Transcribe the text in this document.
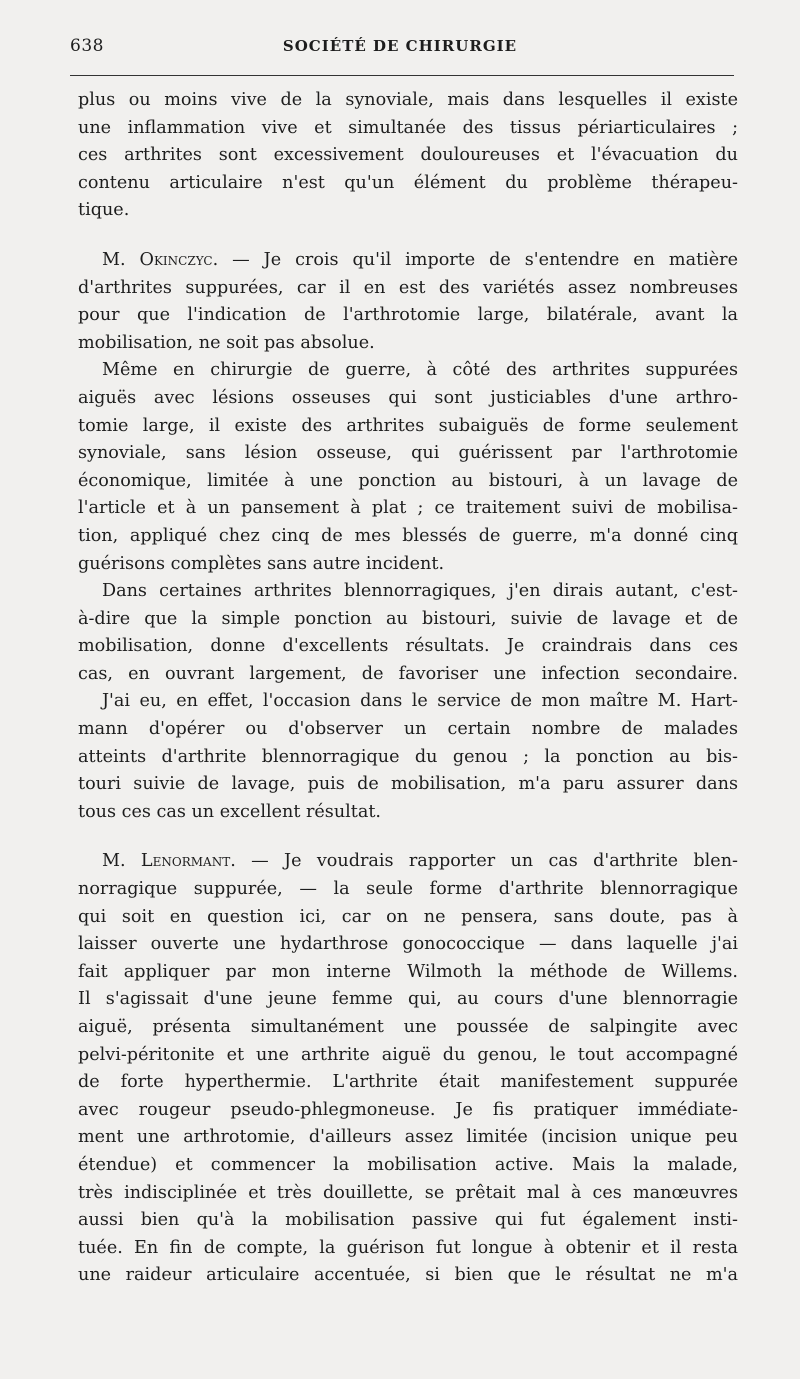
638	SOCIÉTÉ DE CHIRURGIE
plus ou moins vive de la synoviale, mais dans lesquelles il existe
une inflammation vive et simultanée des tissus périarticulaires ;
ces arthrites sont excessivement douloureuses et l'évacuation du
contenu articulaire n'est qu'un élément du problème thérapeu-
tique.
M. Okinczyc. — Je crois qu'il importe de s'entendre en matière
d'arthrites suppurées, car il en est des variétés assez nombreuses
pour que l'indication de l'arthrotomie large, bilatérale, avant la
mobilisation, ne soit pas absolue.
Même en chirurgie de guerre, à côté des arthrites suppurées
aiguës avec lésions osseuses qui sont justiciables d'une arthro-
tomie large, il existe des arthrites subaiguës de forme seulement
synoviale, sans lésion osseuse, qui guérissent par l'arthrotomie
économique, limitée à une ponction au bistouri, à un lavage de
l'article et à un pansement à plat ; ce traitement suivi de mobilisa-
tion, appliqué chez cinq de mes blessés de guerre, m'a donné cinq
guérisons complètes sans autre incident.
Dans certaines arthrites blennorragiques, j'en dirais autant, c'est-
à-dire que la simple ponction au bistouri, suivie de lavage et de
mobilisation, donne d'excellents résultats. Je craindrais dans ces
cas, en ouvrant largement, de favoriser une infection secondaire.
J'ai eu, en effet, l'occasion dans le service de mon maître M. Hart-
mann d'opérer ou d'observer un certain nombre de malades
atteints d'arthrite blennorragique du genou ; la ponction au bis-
touri suivie de lavage, puis de mobilisation, m'a paru assurer dans
tous ces cas un excellent résultat.
M. Lenormant. — Je voudrais rapporter un cas d'arthrite blen-
norragique suppurée, — la seule forme d'arthrite blennorragique
qui soit en question ici, car on ne pensera, sans doute, pas à
laisser ouverte une hydarthrose gonococcique — dans laquelle j'ai
fait appliquer par mon interne Wilmoth la méthode de Willems.
Il s'agissait d'une jeune femme qui, au cours d'une blennorragie
aiguë, présenta simultanément une poussée de salpingite avec
pelvi-péritonite et une arthrite aiguë du genou, le tout accompagné
de forte hyperthermie. L'arthrite était manifestement suppurée
avec rougeur pseudo-phlegmoneuse. Je fis pratiquer immédiate-
ment une arthrotomie, d'ailleurs assez limitée (incision unique peu
étendue) et commencer la mobilisation active. Mais la malade,
très indisciplinée et très douillette, se prêtait mal à ces manœuvres
aussi bien qu'à la mobilisation passive qui fut également insti-
tuée. En fin de compte, la guérison fut longue à obtenir et il resta
une raideur articulaire accentuée, si bien que le résultat ne m'a
